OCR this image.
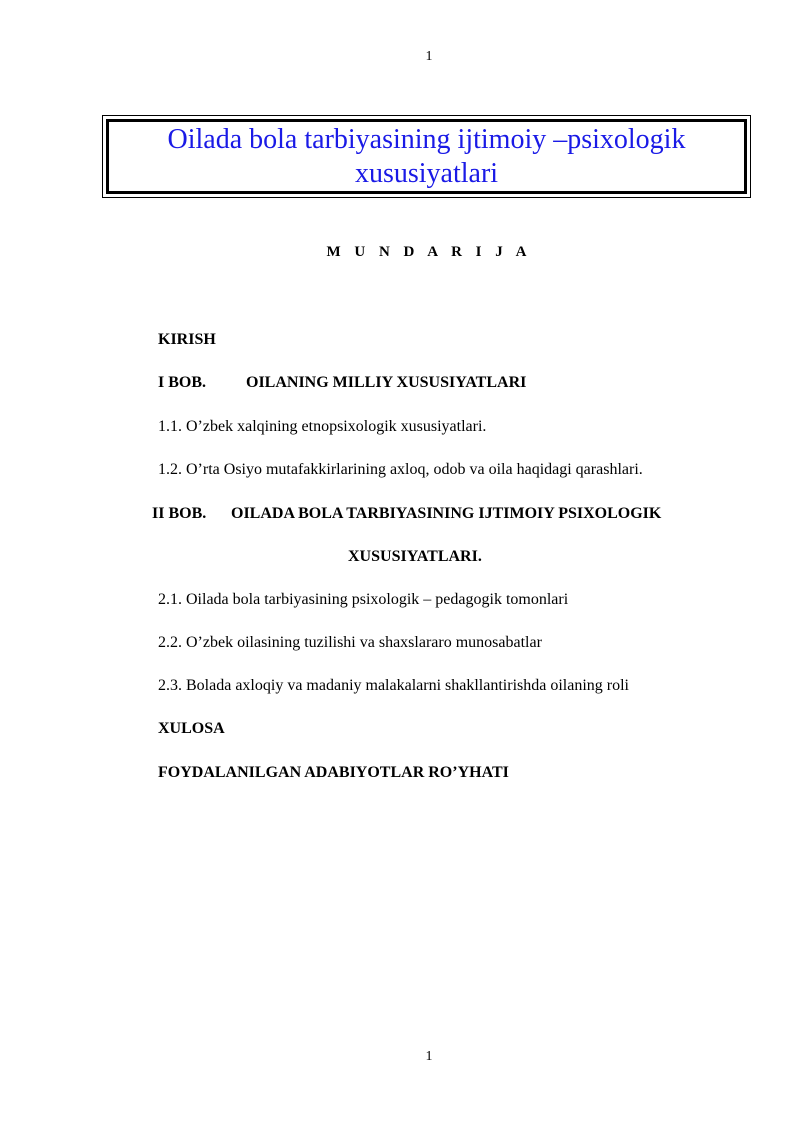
1
Oilada bola tarbiyasining ijtimoiy –psixologik
xususiyatlari
M U N D A R I J A
KIRISH
I BOB. OILANING MILLIY XUSUSIYATLARI
1.1. O’zbek xalqining etnopsixologik xususiyatlari.
1.2. O’rta Osiyo mutafakkirlarining axloq, odob va oila haqidagi qarashlari.
II BOB. OILADA BOLA TARBIYASINING IJTIMOIY PSIXOLOGIK
XUSUSIYATLARI.
2.1. Oilada bola tarbiyasining psixologik – pedagogik tomonlari
2.2. O’zbek oilasining tuzilishi va shaxslararo munosabatlar
2.3. Bolada axloqiy va madaniy malakalarni shakllantirishda oilaning roli
XULOSA
FOYDALANILGAN ADABIYOTLAR RO’YHATI
1
